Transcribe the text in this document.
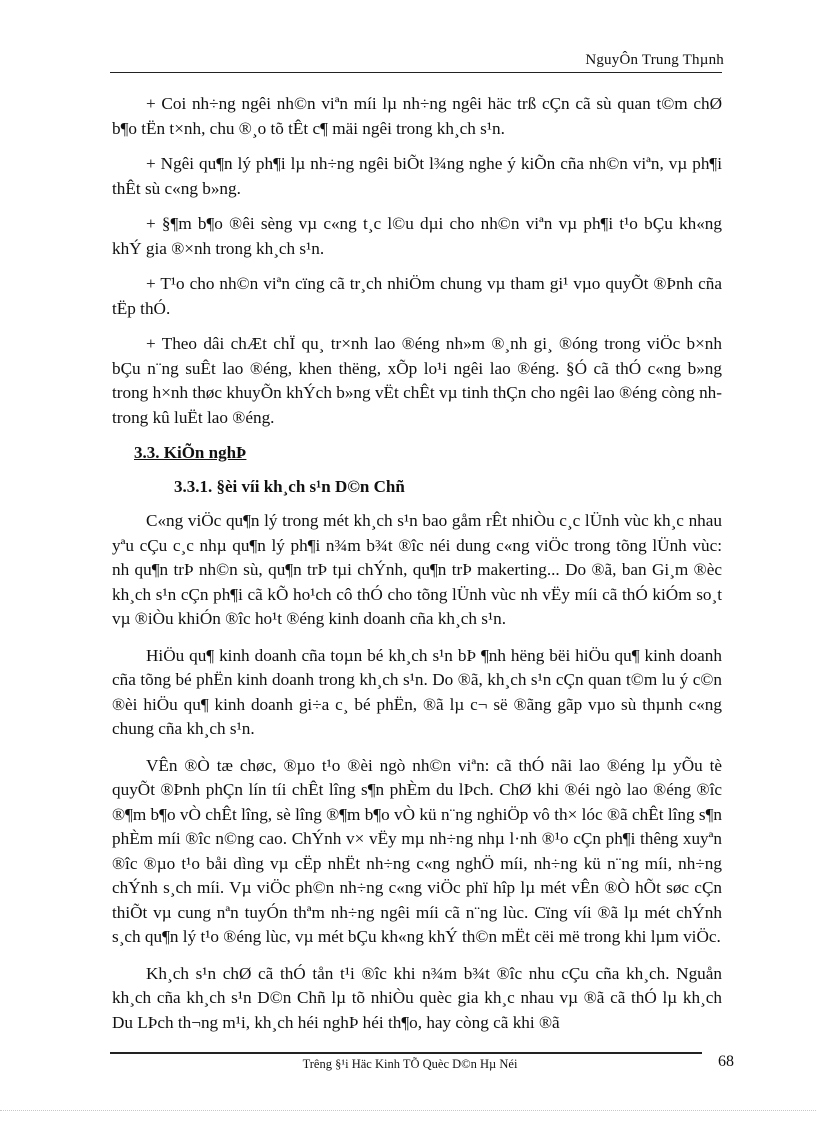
NguyÔn Trung Thµnh

+ Coi nh÷ng ngêi nh©n viªn míi lµ nh÷ng ngêi häc trß cÇn cã sù quan t©m chØ b¶o tËn t×nh, chu ®¸o tõ tÊt c¶ mäi ngêi trong kh¸ch s¹n.

+ Ngêi qu¶n lý ph¶i lµ nh÷ng ngêi biÕt l¾ng nghe ý kiÕn cña nh©n viªn, vµ ph¶i thÊt sù c«ng b»ng.

+ §¶m b¶o ®êi sèng vµ c«ng t¸c l©u dµi cho nh©n viªn vµ ph¶i t¹o bÇu kh«ng khÝ gia ®×nh trong kh¸ch s¹n.

+ T¹o cho nh©n viªn cïng cã tr¸ch nhiÖm chung vµ tham gi¹ vµo quyÕt ®Þnh cña tËp thÓ.

+ Theo dâi chÆt chÏ qu¸ tr×nh lao ®éng nh»m ®¸nh gi¸ ®óng trong viÖc b×nh bÇu n¨ng suÊt lao ®éng, khen thëng, xÕp lo¹i ngêi lao ®éng. §Ó cã thÓ c«ng b»ng trong h×nh thøc khuyÕn khÝch b»ng vËt chÊt vµ tinh thÇn cho ngêi lao ®éng còng nh trong kû luËt lao ®éng.

3.3. KiÕn nghÞ
3.3.1. §èi víi kh¸ch s¹n D©n Chñ

C«ng viÖc qu¶n lý trong mét kh¸ch s¹n bao gåm rÊt nhiÒu c¸c lÜnh vùc kh¸c nhau yªu cÇu c¸c nhµ qu¶n lý ph¶i n¾m b¾t ®îc néi dung c«ng viÖc trong tõng lÜnh vùc: nh qu¶n trÞ nh©n sù, qu¶n trÞ tµi chÝnh, qu¶n trÞ makerting... Do ®ã, ban Gi¸m ®èc kh¸ch s¹n cÇn ph¶i cã kÕ ho¹ch cô thÓ cho tõng lÜnh vùc nh vËy míi cã thÓ kiÓm so¸t vµ ®iÒu khiÓn ®îc ho¹t ®éng kinh doanh cña kh¸ch s¹n.

HiÖu qu¶ kinh doanh cña toµn bé kh¸ch s¹n bÞ ¶nh hëng bëi hiÖu qu¶ kinh doanh cña tõng bé phËn kinh doanh trong kh¸ch s¹n. Do ®ã, kh¸ch s¹n cÇn quan t©m lu ý c©n ®èi hiÖu qu¶ kinh doanh gi÷a c¸ bé phËn, ®ã lµ c¬ së ®ãng gãp vµo sù thµnh c«ng chung cña kh¸ch s¹n.

VÊn ®Ò tæ chøc, ®µo t¹o ®èi ngò nh©n viªn: cã thÓ nãi lao ®éng lµ yÕu tè quyÕt ®Þnh phÇn lín tíi chÊt lîng s¶n phÈm du lÞch. ChØ khi ®éi ngò lao ®éng ®îc ®¶m b¶o vÒ chÊt lîng, sè lîng ®¶m b¶o vÒ kü n¨ng nghiÖp vô th× lóc ®ã chÊt lîng s¶n phÈm míi ®îc n©ng cao. ChÝnh v× vËy mµ nh÷ng nhµ l·nh ®¹o cÇn ph¶i thêng xuyªn ®îc ®µo t¹o båi dìng vµ cËp nhËt nh÷ng c«ng nghÖ míi, nh÷ng kü n¨ng míi, nh÷ng chÝnh s¸ch míi. Vµ viÖc ph©n nh÷ng c«ng viÖc phï hîp lµ mét vÊn ®Ò hÕt søc cÇn thiÕt vµ cung nªn tuyÓn thªm nh÷ng ngêi míi cã n¨ng lùc. Cïng víi ®ã lµ mét chÝnh s¸ch qu¶n lý t¹o ®éng lùc, vµ mét bÇu kh«ng khÝ th©n mËt cëi më trong khi lµm viÖc.

Kh¸ch s¹n chØ cã thÓ tån t¹i ®îc khi n¾m b¾t ®îc nhu cÇu cña kh¸ch. Nguån kh¸ch cña kh¸ch s¹n D©n Chñ lµ tõ nhiÒu quèc gia kh¸c nhau vµ ®ã cã thÓ lµ kh¸ch Du LÞch th¬ng m¹i, kh¸ch héi nghÞ héi th¶o, hay còng cã khi ®ã

Trêng §¹i Häc Kinh TÕ Quèc D©n Hµ Néi	68
